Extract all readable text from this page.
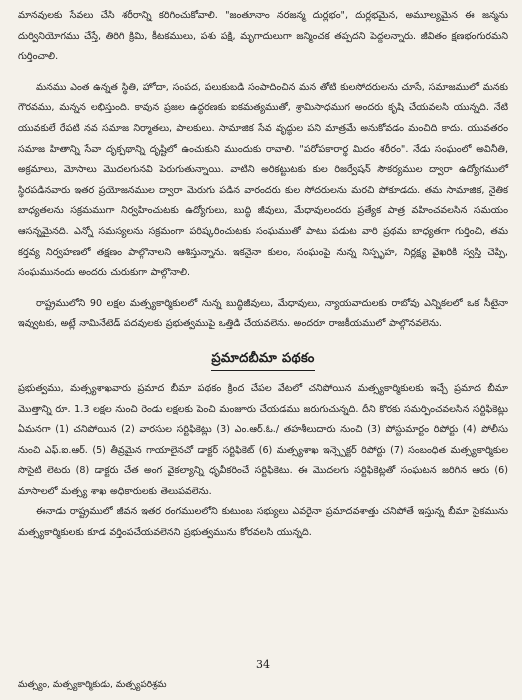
మానవులకు సేవలు చేసి శరీరాన్ని కరిగించుకోవాలి. "జంతూనాం నరజన్మ దుర్లభం", దుర్లభమైన, అమూల్యమైన ఈ జన్మను దుర్వినియోగము చేస్తే, తిరిగి క్రిమి, కీటకములు, పశు పక్షి, మృగాదులుగా జన్మించక తప్పదని పెద్దలన్నారు. జీవితం క్షణభంగురమని గుర్తించాలి.

మనము ఎంత ఉన్నత స్థితి, హోదా, సంపద, పలుకుబడి సంపాదించిన మన తోటి కులసోదరులను చూసే, సమాజములో మనకు గౌరవము, మన్నన లభిస్తుంది. కావున ప్రజల ఉద్ధరణకు ఐకమత్యముతో, శ్రామిసాధముగ అందరు కృషి చేయవలసి యున్నది. నేటి యువకులే రేపటి నవ సమాజ నిర్మాతలు, పాలకులు. సామాజిక సేవ వృద్ధుల పని మాత్రమే అనుకోవడం మంచిది కాదు. యువతరం సమాజ హితాన్ని సేవా దృక్పథాన్ని దృష్టిలో ఉంచుకుని ముందుకు రావాలి. "పరోపకారార్థ మిదం శరీరం". నేడు సంఘంలో అవినీతి, అక్రమాలు, మోసాలు మొదలగునవి పెరుగుతున్నాయి. వాటిని అరికట్టుటకు కుల రిజర్వేషన్ సౌకర్యముల ద్వారా ఉద్యోగములో స్థిరపడినవారు ఇతర ప్రయోజనముల ద్వారా మెరుగు పడిన వారందరు కుల సోదరులను మరచి పోకూడదు. తమ సామాజిక, నైతిక బాధ్యతలను సక్రమముగా నిర్వహించుటకు ఉద్యోగులు, బుద్ధి జీవులు, మేధావులందరు ప్రత్యేక పాత్ర వహించవలసిన సమయం ఆసన్నమైనది. ఎన్నో సమస్యలను సక్రమంగా పరిష్కరించుటకు సంఘముతో పాటు పడుట వారి ప్రథమ బాధ్యతగా గుర్తించి, తమ కర్తవ్య నిర్వహణలో తక్షణం పాల్గొనాలని ఆశిస్తున్నాను. ఇకనైనా కులం, సంఘంపై నున్న నిస్పృహ, నిర్లక్ష్య వైఖరికి స్వస్తి చెప్పి, సంఘమునందు అందరు చురుకుగా పాల్గొనాలి.

రాష్ట్రములోని 90 లక్షల మత్స్యకార్మికులలో నున్న బుద్ధిజీవులు, మేధావులు, న్యాయవాదులకు రాబోవు ఎన్నికలలో ఒక సీటైనా ఇవ్వుటకు, అట్లే నామినేటెడ్ పదవులకు ప్రభుత్వముపై ఒత్తిడి చేయవలెను. అందరూ రాజకీయములో పాల్గొనవలెను.

ప్రమాదబీమా పథకం

ప్రభుత్వము, మత్స్యశాఖవారు ప్రమాద బీమా పథకం క్రింద చేపల వేటలో చనిపోయిన మత్స్యకార్మికులకు ఇచ్చే ప్రమాద బీమా మొత్తాన్ని రూ. 1.3 లక్షల నుంచి రెండు లక్షలకు పెంచి మంజూరు చేయడము జరుగుచున్నది. దీని కొరకు సమర్పించవలసిన సర్టిఫికెట్లు ఏమనగా (1) చనిపోయిన (2) వారసుల సర్టిఫికెట్లు (3) ఎం.ఆర్.ఓ./ తహశీలుదారు నుంచి (3) పోస్టుమార్టం రిపోర్టు (4) పోలీసు నుంచి ఎఫ్.ఐ.ఆర్. (5) తీవ్రమైన గాయాలైనచో డాక్టర్ సర్టిఫికెట్ (6) మత్స్యశాఖ ఇన్స్పెక్టర్ రిపోర్టు (7) సంబంధిత మత్స్యకార్మికుల సొసైటి లెటరు (8) డాక్టరు చేత అంగ వైకల్యాన్ని ధృవీకరించే సర్టిఫికెటు. ఈ మొదలగు సర్టిఫికెట్లతో సంఘటన జరిగిన ఆరు (6) మాసాలలో మత్స్య శాఖ అధికారులకు తెలుపవలెను.

ఈనాడు రాష్ట్రములో జీవన ఇతర రంగములలోని కుటుంబ సభ్యులు ఎవరైనా ప్రమాదవశాత్తు చనిపోతే ఇస్తున్న బీమా సైకమును మత్స్యకార్మికులకు కూడ వర్తింపచేయవలెనని ప్రభుత్వమును కోరవలసి యున్నది.

34
మత్స్యం, మత్స్యకార్మికుడు, మత్స్యపరిశ్రమ
